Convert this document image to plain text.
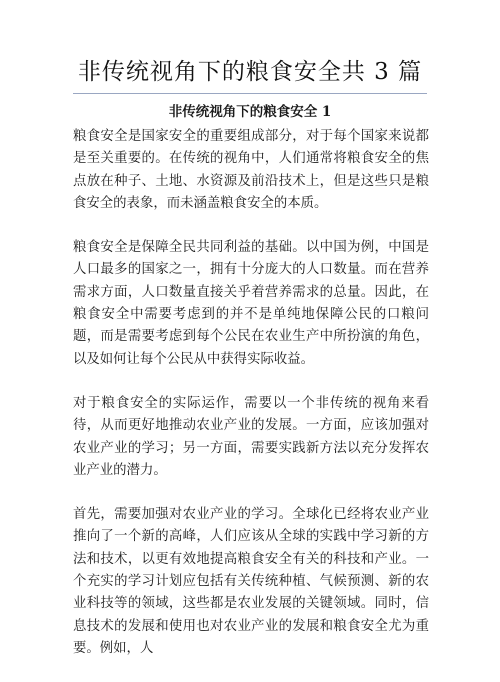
非传统视角下的粮食安全共 3 篇
非传统视角下的粮食安全 1

粮食安全是国家安全的重要组成部分，对于每个国家来说都是至关重要的。在传统的视角中，人们通常将粮食安全的焦点放在种子、土地、水资源及前沿技术上，但是这些只是粮食安全的表象，而未涵盖粮食安全的本质。

粮食安全是保障全民共同利益的基础。以中国为例，中国是人口最多的国家之一，拥有十分庞大的人口数量。而在营养需求方面，人口数量直接关乎着营养需求的总量。因此，在粮食安全中需要考虑到的并不是单纯地保障公民的口粮问题，而是需要考虑到每个公民在农业生产中所扮演的角色，以及如何让每个公民从中获得实际收益。

对于粮食安全的实际运作，需要以一个非传统的视角来看待，从而更好地推动农业产业的发展。一方面，应该加强对农业产业的学习；另一方面，需要实践新方法以充分发挥农业产业的潜力。

首先，需要加强对农业产业的学习。全球化已经将农业产业推向了一个新的高峰，人们应该从全球的实践中学习新的方法和技术，以更有效地提高粮食安全有关的科技和产业。一个充实的学习计划应包括有关传统种植、气候预测、新的农业科技等的领域，这些都是农业发展的关键领域。同时，信息技术的发展和使用也对农业产业的发展和粮食安全尤为重要。例如，人
